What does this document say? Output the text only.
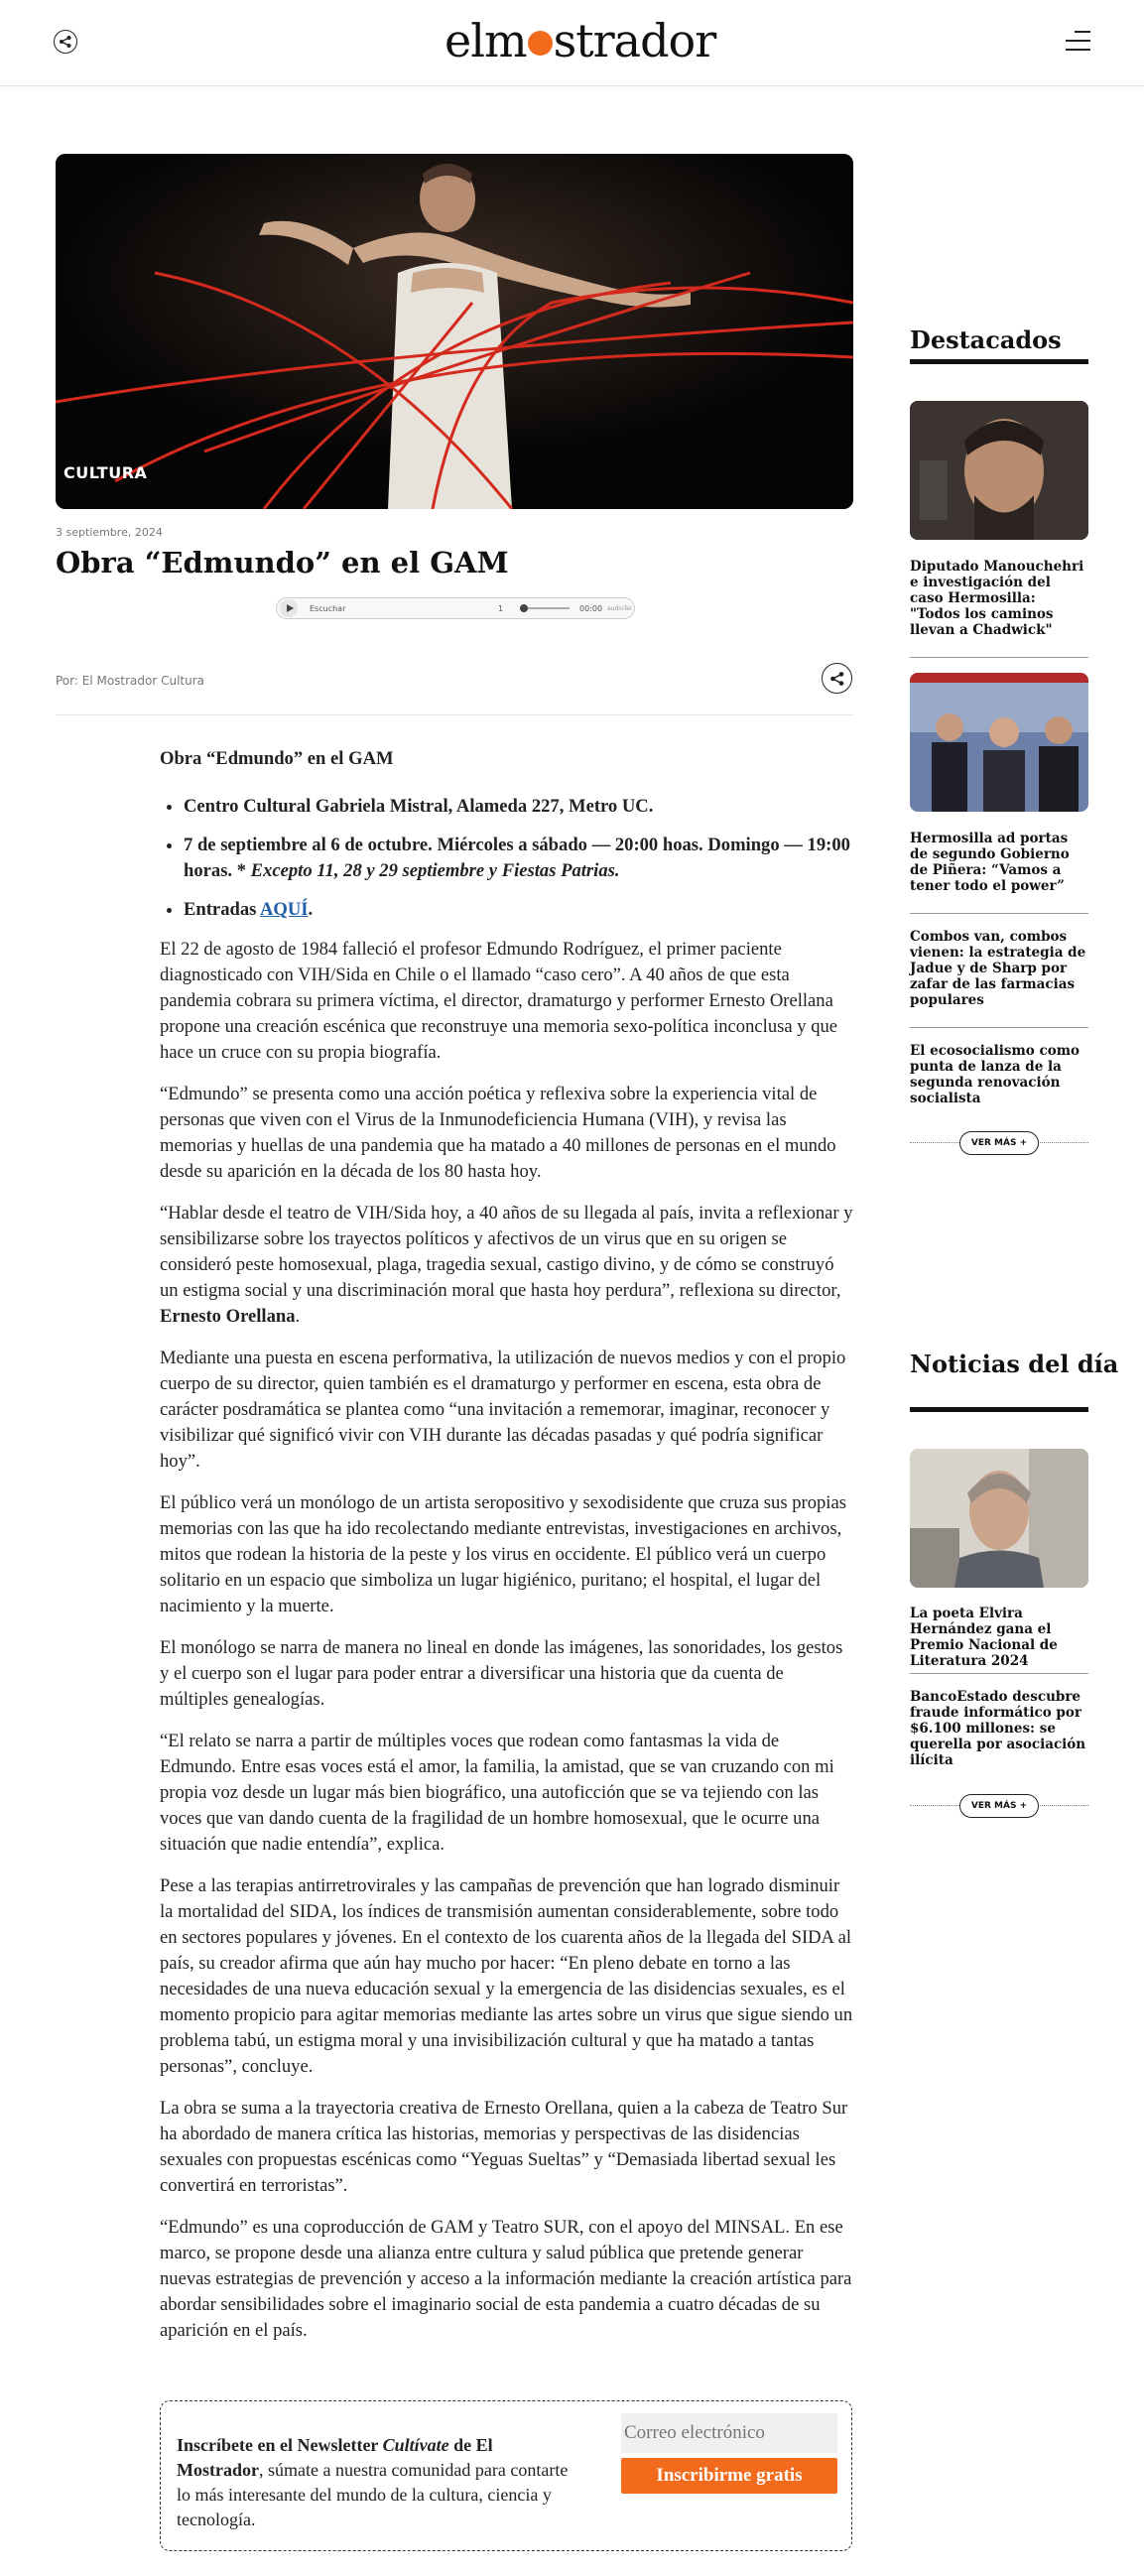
elm strador
CULTURA
3 septiembre, 2024
Obra “Edmundo” en el GAM
Escuchar	1	00:00 audioTel
Por: El Mostrador Cultura
Obra “Edmundo” en el GAM
• Centro Cultural Gabriela Mistral, Alameda 227, Metro UC.
• 7 de septiembre al 6 de octubre. Miércoles a sábado — 20:00 hoas. Domingo — 19:00 horas. * Excepto 11, 28 y 29 septiembre y Fiestas Patrias.
• Entradas AQUÍ.

El 22 de agosto de 1984 falleció el profesor Edmundo Rodríguez, el primer paciente diagnosticado con VIH/Sida en Chile o el llamado “caso cero”. A 40 años de que esta pandemia cobrara su primera víctima, el director, dramaturgo y performer Ernesto Orellana propone una creación escénica que reconstruye una memoria sexo-política inconclusa y que hace un cruce con su propia biografía.

“Edmundo” se presenta como una acción poética y reflexiva sobre la experiencia vital de personas que viven con el Virus de la Inmunodeficiencia Humana (VIH), y revisa las memorias y huellas de una pandemia que ha matado a 40 millones de personas en el mundo desde su aparición en la década de los 80 hasta hoy.

“Hablar desde el teatro de VIH/Sida hoy, a 40 años de su llegada al país, invita a reflexionar y sensibilizarse sobre los trayectos políticos y afectivos de un virus que en su origen se consideró peste homosexual, plaga, tragedia sexual, castigo divino, y de cómo se construyó un estigma social y una discriminación moral que hasta hoy perdura”, reflexiona su director, Ernesto Orellana.

Mediante una puesta en escena performativa, la utilización de nuevos medios y con el propio cuerpo de su director, quien también es el dramaturgo y performer en escena, esta obra de carácter posdramática se plantea como “una invitación a rememorar, imaginar, reconocer y visibilizar qué significó vivir con VIH durante las décadas pasadas y qué podría significar hoy”.

El público verá un monólogo de un artista seropositivo y sexodisidente que cruza sus propias memorias con las que ha ido recolectando mediante entrevistas, investigaciones en archivos, mitos que rodean la historia de la peste y los virus en occidente. El público verá un cuerpo solitario en un espacio que simboliza un lugar higiénico, puritano; el hospital, el lugar del nacimiento y la muerte.

El monólogo se narra de manera no lineal en donde las imágenes, las sonoridades, los gestos y el cuerpo son el lugar para poder entrar a diversificar una historia que da cuenta de múltiples genealogías.

“El relato se narra a partir de múltiples voces que rodean como fantasmas la vida de Edmundo. Entre esas voces está el amor, la familia, la amistad, que se van cruzando con mi propia voz desde un lugar más bien biográfico, una autoficción que se va tejiendo con las voces que van dando cuenta de la fragilidad de un hombre homosexual, que le ocurre una situación que nadie entendía”, explica.

Pese a las terapias antirretrovirales y las campañas de prevención que han logrado disminuir la mortalidad del SIDA, los índices de transmisión aumentan considerablemente, sobre todo en sectores populares y jóvenes. En el contexto de los cuarenta años de la llegada del SIDA al país, su creador afirma que aún hay mucho por hacer: “En pleno debate en torno a las necesidades de una nueva educación sexual y la emergencia de las disidencias sexuales, es el momento propicio para agitar memorias mediante las artes sobre un virus que sigue siendo un problema tabú, un estigma moral y una invisibilización cultural y que ha matado a tantas personas”, concluye.

La obra se suma a la trayectoria creativa de Ernesto Orellana, quien a la cabeza de Teatro Sur ha abordado de manera crítica las historias, memorias y perspectivas de las disidencias sexuales con propuestas escénicas como “Yeguas Sueltas” y “Demasiada libertad sexual les convertirá en terroristas”.

“Edmundo” es una coproducción de GAM y Teatro SUR, con el apoyo del MINSAL. En ese marco, se propone desde una alianza entre cultura y salud pública que pretende generar nuevas estrategias de prevención y acceso a la información mediante la creación artística para abordar sensibilidades sobre el imaginario social de esta pandemia a cuatro décadas de su aparición en el país.

Inscríbete en el Newsletter Cultívate de El Mostrador, súmate a nuestra comunidad para contarte lo más interesante del mundo de la cultura, ciencia y tecnología.
Correo electrónico
Inscribirme gratis
Destacados
Diputado Manouchehri e investigación del caso Hermosilla: "Todos los caminos llevan a Chadwick"
Hermosilla ad portas de segundo Gobierno de Piñera: “Vamos a tener todo el power”
Combos van, combos vienen: la estrategia de Jadue y de Sharp por zafar de las farmacias populares
El ecosocialismo como punta de lanza de la segunda renovación socialista
VER MÁS
+
Noticias del día
La poeta Elvira Hernández gana el Premio Nacional de Literatura 2024
BancoEstado descubre fraude informático por $6.100 millones: se querella por asociación ilícita
VER MÁS
+
